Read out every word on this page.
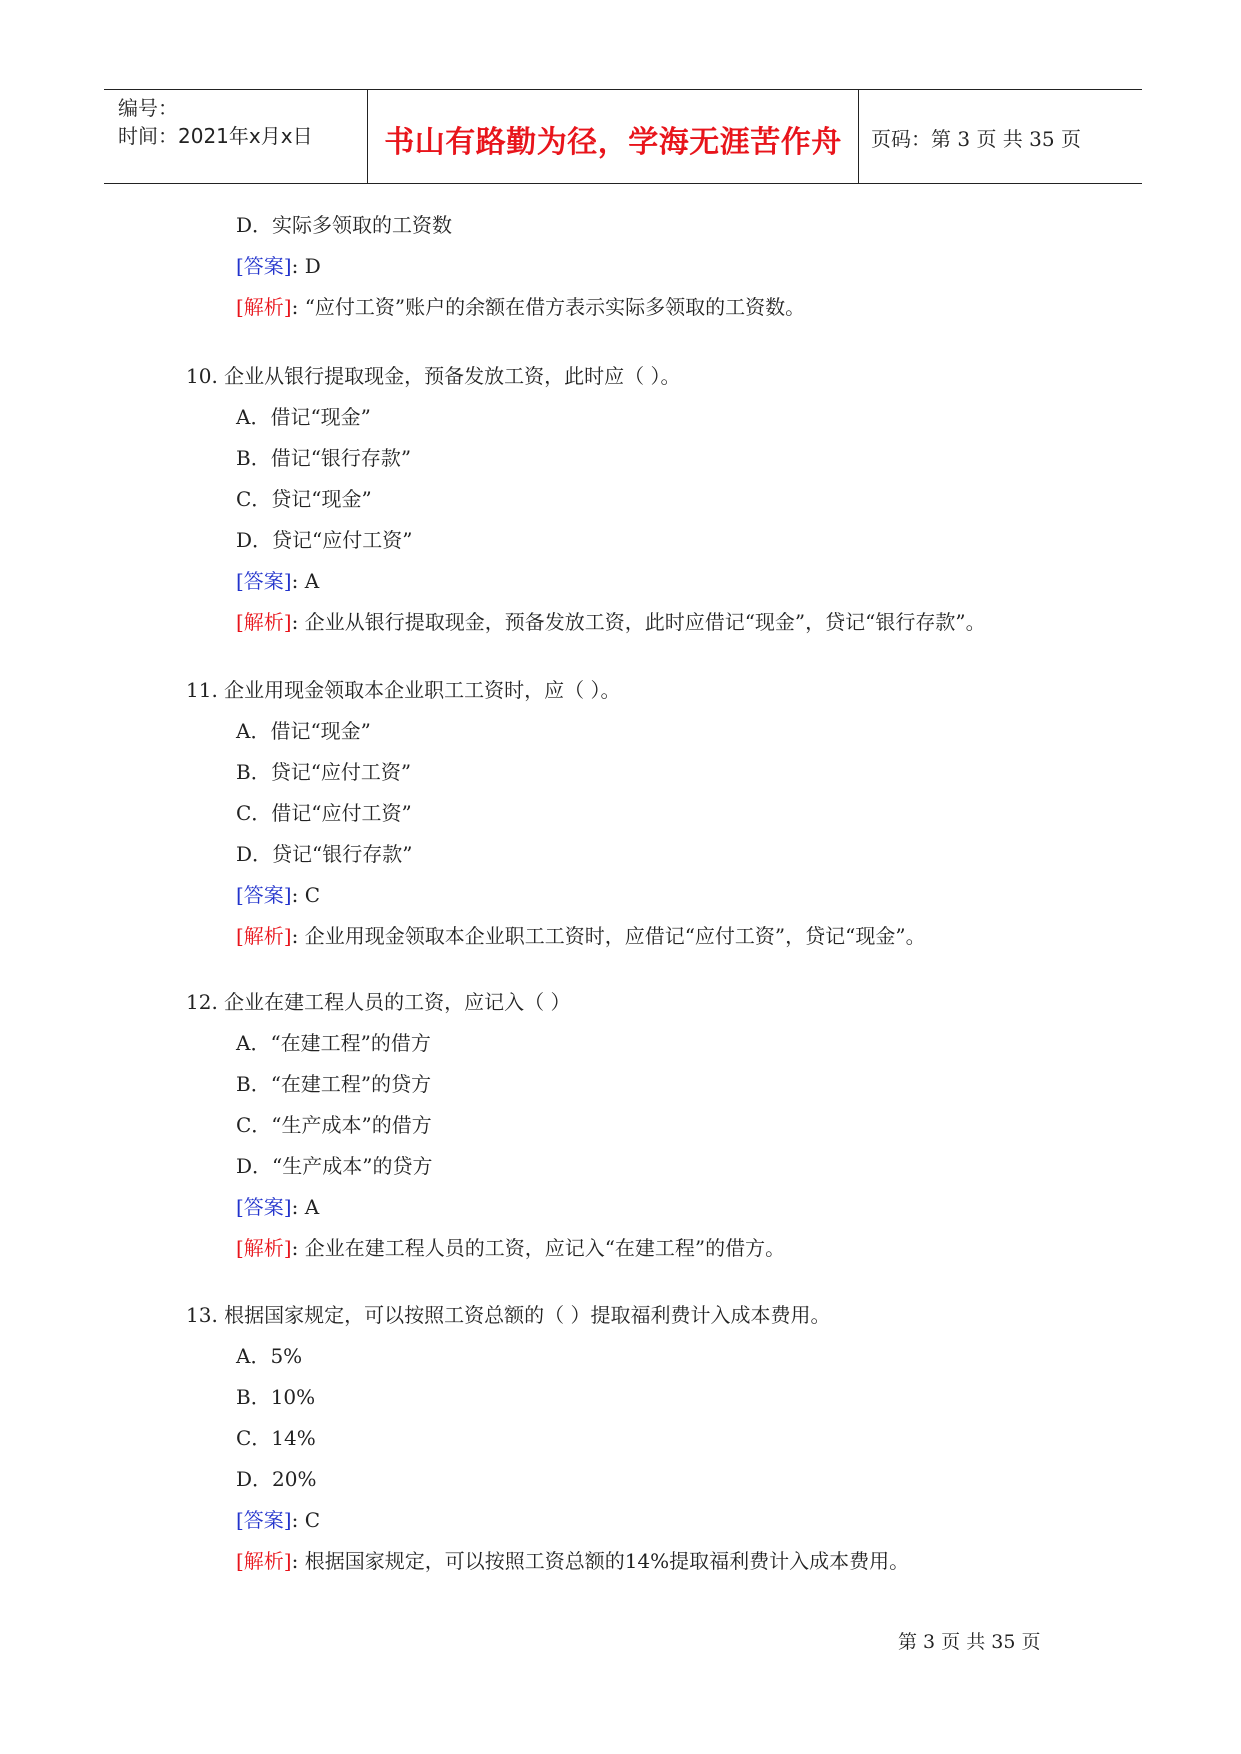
编号：
时间：2021年x月x日	书山有路勤为径，学海无涯苦作舟	页码：第 3 页 共 35 页
D．实际多领取的工资数
[答案]: D
[解析]: “应付工资”账户的余额在借方表示实际多领取的工资数。
10. 企业从银行提取现金，预备发放工资，此时应（ ）。
A．借记“现金”
B．借记“银行存款”
C．贷记“现金”
D．贷记“应付工资”
[答案]: A
[解析]: 企业从银行提取现金，预备发放工资，此时应借记“现金”，贷记“银行存款”。
11. 企业用现金领取本企业职工工资时，应（ ）。
A．借记“现金”
B．贷记“应付工资”
C．借记“应付工资”
D．贷记“银行存款”
[答案]: C
[解析]: 企业用现金领取本企业职工工资时，应借记“应付工资”，贷记“现金”。
12. 企业在建工程人员的工资，应记入（ ）
A．“在建工程”的借方
B．“在建工程”的贷方
C．“生产成本”的借方
D．“生产成本”的贷方
[答案]: A
[解析]: 企业在建工程人员的工资，应记入“在建工程”的借方。
13. 根据国家规定，可以按照工资总额的（ ）提取福利费计入成本费用。
A．5%
B．10%
C．14%
D．20%
[答案]: C
[解析]: 根据国家规定，可以按照工资总额的14%提取福利费计入成本费用。
第 3 页 共 35 页
